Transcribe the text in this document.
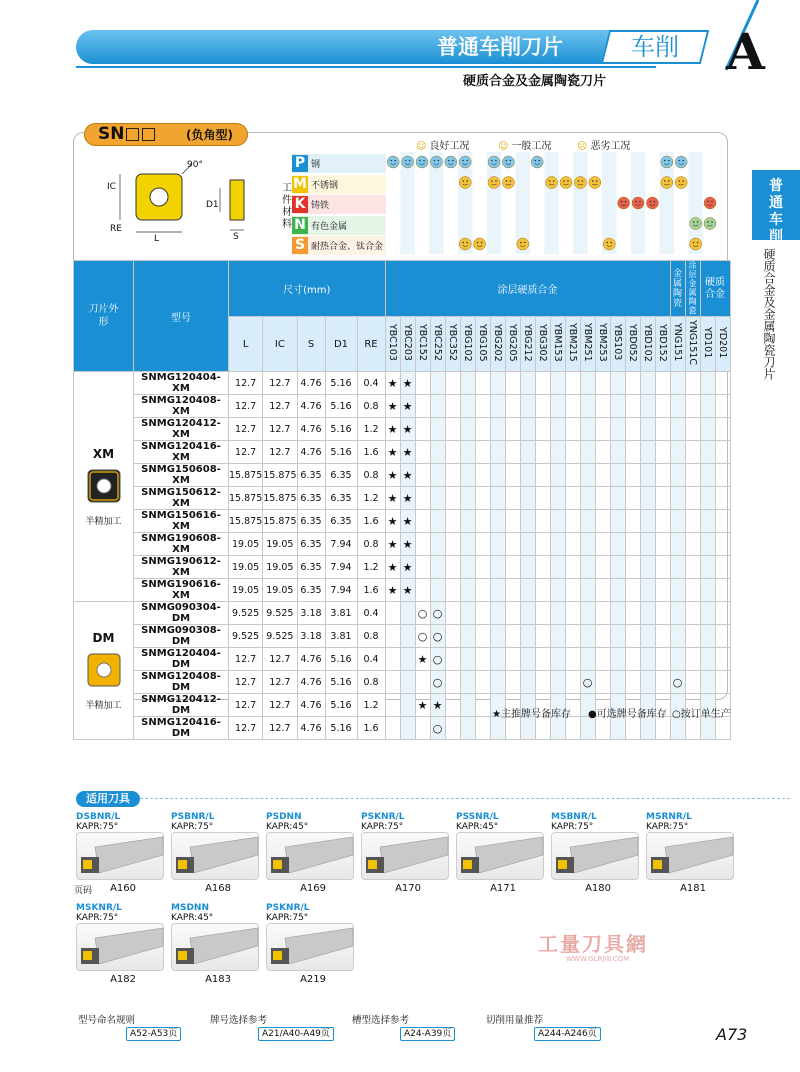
普通车削刀片	车削 A
硬质合金及金属陶瓷刀片
普通车削
硬质合金及金属陶瓷刀片
SN□□ (负角型)
90°
IC
RE
L
D1
S
☺ 良好工况	☺ 一般工况	☹ 恶劣工况
工件材料
P 钢
M 不锈钢
K 铸铁
N 有色金属
S 耐热合金、钛合金
刀片外形	型号	尺寸(mm)					涂层硬质合金																			金属陶瓷	涂层金属陶瓷	硬质合金	
		L	IC	S	D1	RE	YBC103	YBC203	YBC152	YBC252	YBC352	YBG102	YBG105	YBG202	YBG205	YBG212	YBG302	YBM153	YBM215	YBM251	YBM253	YBS103	YBD052	YBD102	YBD152	YNG151	YNG151C	YD101	YD201

XM
半精加工	SNMG120404-XM	12.7	12.7	4.76	5.16	0.4	★	★																					
	SNMG120408-XM	12.7	12.7	4.76	5.16	0.8	★	★																					
	SNMG120412-XM	12.7	12.7	4.76	5.16	1.2	★	★																					
	SNMG120416-XM	12.7	12.7	4.76	5.16	1.6	★	★																					
	SNMG150608-XM	15.875	15.875	6.35	6.35	0.8	★	★																					
	SNMG150612-XM	15.875	15.875	6.35	6.35	1.2	★	★																					
	SNMG150616-XM	15.875	15.875	6.35	6.35	1.6	★	★																					
	SNMG190608-XM	19.05	19.05	6.35	7.94	0.8	★	★																					
	SNMG190612-XM	19.05	19.05	6.35	7.94	1.2	★	★																					
	SNMG190616-XM	19.05	19.05	6.35	7.94	1.6	★	★																					

DM
半精加工	SNMG090304-DM	9.525	9.525	3.18	3.81	0.4			○	○																			
	SNMG090308-DM	9.525	9.525	3.18	3.81	0.8			○	○																			
	SNMG120404-DM	12.7	12.7	4.76	5.16	0.4			★	○																			
	SNMG120408-DM	12.7	12.7	4.76	5.16	0.8				○										○						○			
	SNMG120412-DM	12.7	12.7	4.76	5.16	1.2			★	★																			
	SNMG120416-DM	12.7	12.7	4.76	5.16	1.6				○																			
★主推牌号备库存 ●可选牌号备库存 ○按订单生产
适用刀具
DSBNR/L
KAPR:75°
A160
PSBNR/L
KAPR:75°
A168
PSDNN
KAPR:45°
A169
PSKNR/L
KAPR:75°
A170
PSSNR/L
KAPR:45°
A171
MSBNR/L
KAPR:75°
A180
MSRNR/L
KAPR:75°
A181
MSKNR/L
KAPR:75°
A182
MSDNN
KAPR:45°
A183
PSKNR/L
KAPR:75°
A219
页码
工量刀具網
WWW.GLRJW.COM
型号命名规则
A52-A53页
牌号选择参考
A21/A40-A49页
槽型选择参考
A24-A39页
切削用量推荐
A244-A246页	A73
